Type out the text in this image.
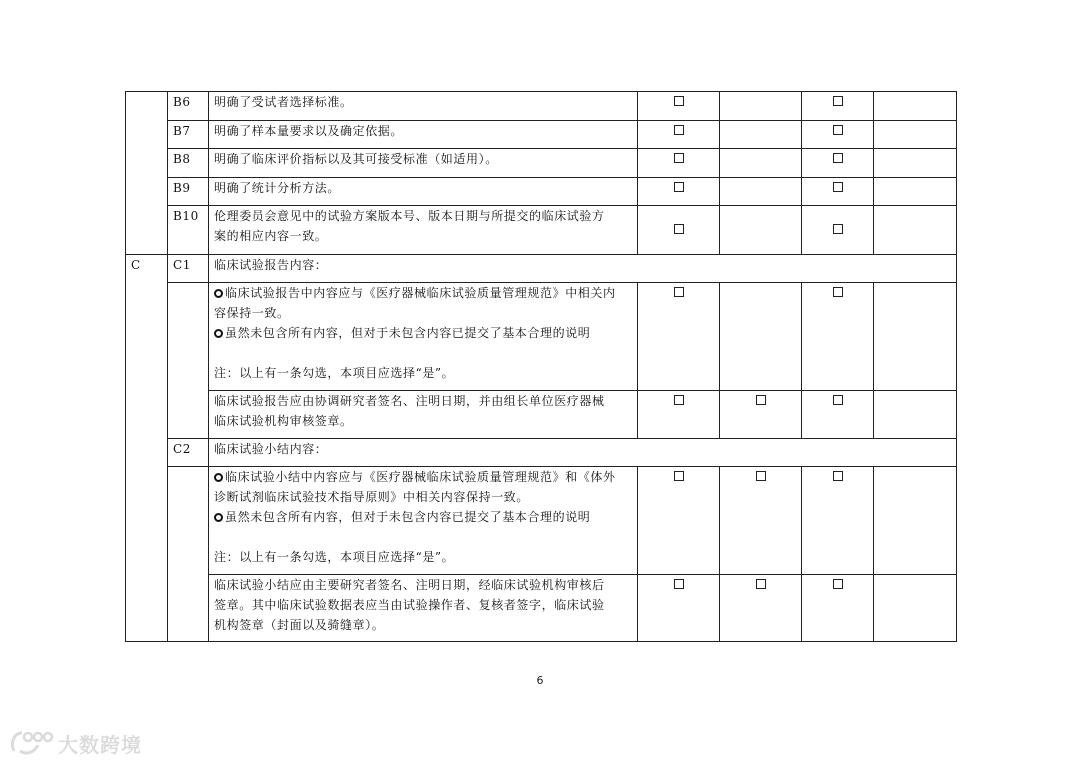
	B6	明确了受试者选择标准。				
	B7	明确了样本量要求以及确定依据。				
	B8	明确了临床评价指标以及其可接受标准（如适用）。				
	B9	明确了统计分析方法。				
	B10	伦理委员会意见中的试验方案版本号、版本日期与所提交的临床试验方
案的相应内容一致。				

C	C1	临床试验报告内容：				

		临床试验报告中内容应与《医疗器械临床试验质量管理规范》中相关内
容保持一致。
虽然未包含所有内容，但对于未包含内容已提交了基本合理的说明
注：以上有一条勾选，本项目应选择“是”。				

		临床试验报告应由协调研究者签名、注明日期，并由组长单位医疗器械
临床试验机构审核签章。				

	C2	临床试验小结内容：				

		临床试验小结中内容应与《医疗器械临床试验质量管理规范》和《体外
诊断试剂临床试验技术指导原则》中相关内容保持一致。
虽然未包含所有内容，但对于未包含内容已提交了基本合理的说明
注：以上有一条勾选，本项目应选择“是”。				

		临床试验小结应由主要研究者签名、注明日期，经临床试验机构审核后
签章。其中临床试验数据表应当由试验操作者、复核者签字，临床试验
机构签章（封面以及骑缝章）。				

6
大数跨境
